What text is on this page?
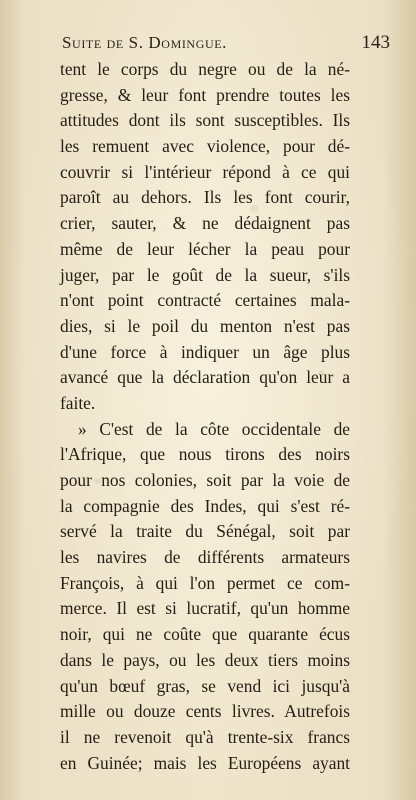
Suite de S. Domingue.	143
tent le corps du negre ou de la né-
gresse, & leur font prendre toutes les
attitudes dont ils sont susceptibles. Ils
les remuent avec violence, pour dé-
couvrir si l'intérieur répond à ce qui
paroît au dehors. Ils les font courir,
crier, sauter, & ne dédaignent pas
même de leur lécher la peau pour
juger, par le goût de la sueur, s'ils
n'ont point contracté certaines mala-
dies, si le poil du menton n'est pas
d'une force à indiquer un âge plus
avancé que la déclaration qu'on leur a
faite.
» C'est de la côte occidentale de
l'Afrique, que nous tirons des noirs
pour nos colonies, soit par la voie de
la compagnie des Indes, qui s'est ré-
servé la traite du Sénégal, soit par
les navires de différents armateurs
François, à qui l'on permet ce com-
merce. Il est si lucratif, qu'un homme
noir, qui ne coûte que quarante écus
dans le pays, ou les deux tiers moins
qu'un bœuf gras, se vend ici jusqu'à
mille ou douze cents livres. Autrefois
il ne revenoit qu'à trente-six francs
en Guinée; mais les Européens ayant
